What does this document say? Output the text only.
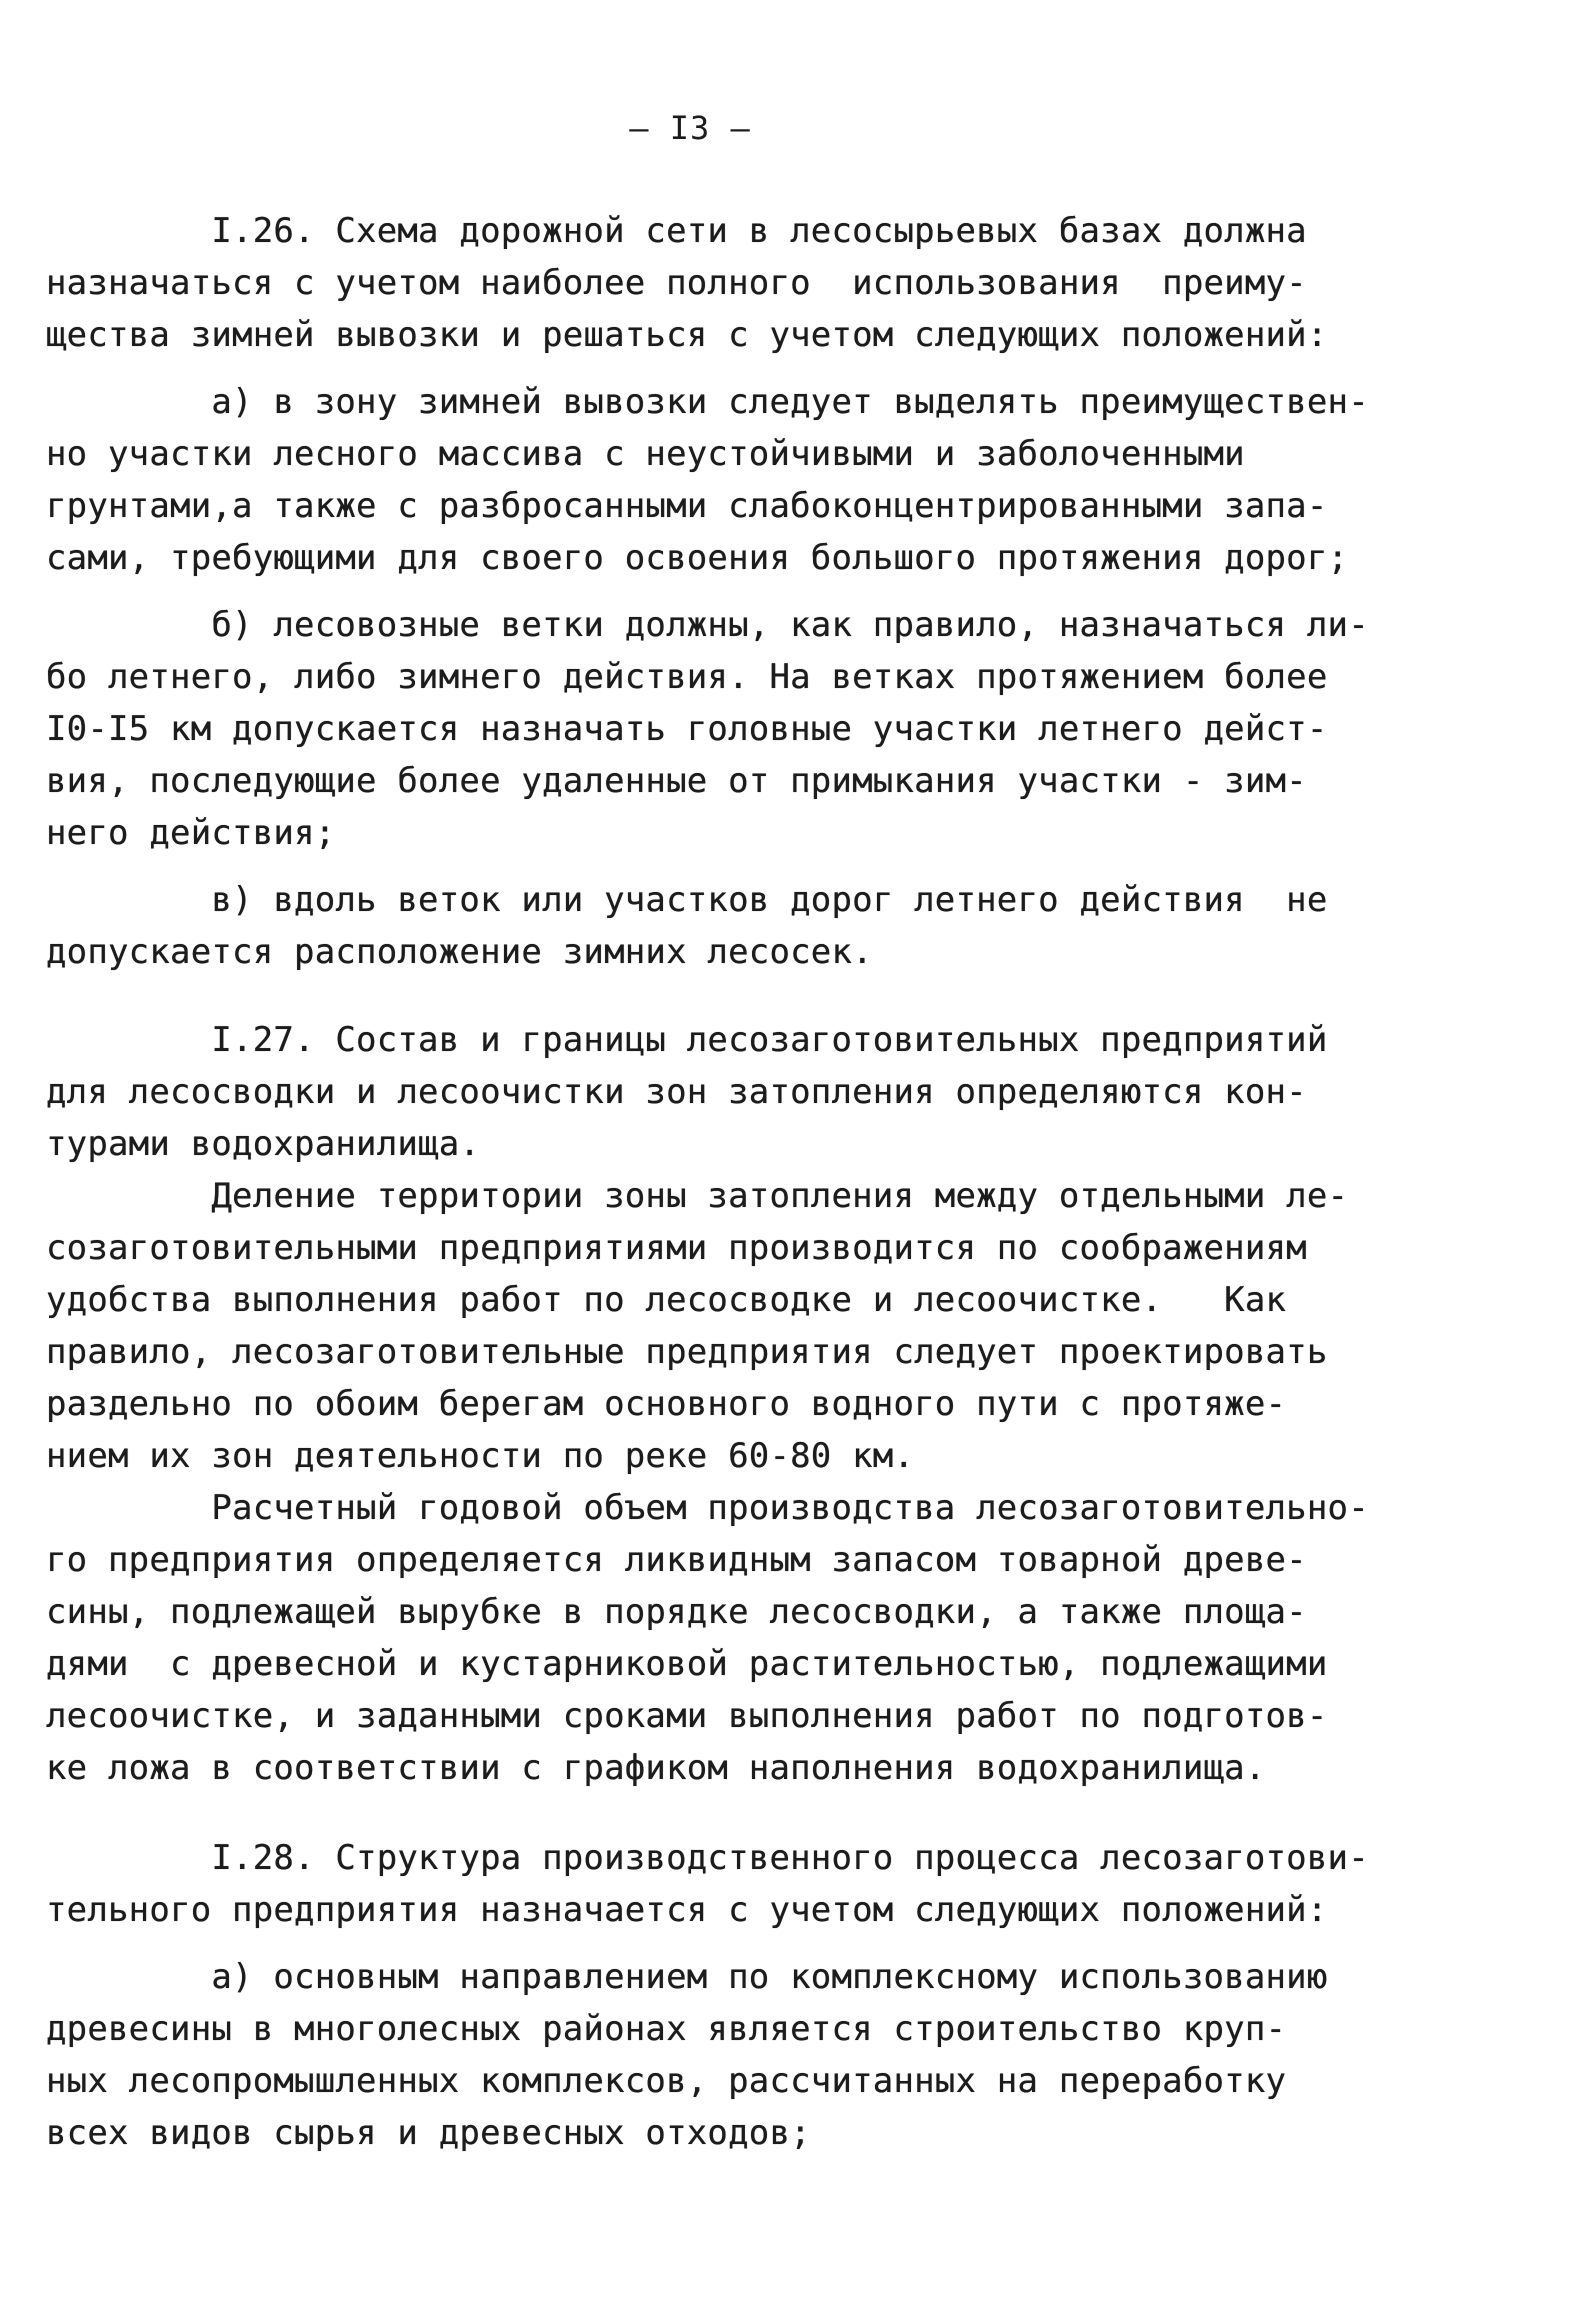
— I3 —
I.26. Схема дорожной сети в лесосырьевых базах должна
назначаться с учетом наиболее полного  использования  преиму-
щества зимней вывозки и решаться с учетом следующих положений:
а) в зону зимней вывозки следует выделять преимуществен-
но участки лесного массива с неустойчивыми и заболоченными
грунтами,а также с разбросанными слабоконцентрированными запа-
сами, требующими для своего освоения большого протяжения дорог;
б) лесовозные ветки должны, как правило, назначаться ли-
бо летнего, либо зимнего действия. На ветках протяжением более
I0-I5 км допускается назначать головные участки летнего дейст-
вия, последующие более удаленные от примыкания участки - зим-
него действия;
в) вдоль веток или участков дорог летнего действия  не
допускается расположение зимних лесосек.
I.27. Состав и границы лесозаготовительных предприятий
для лесосводки и лесоочистки зон затопления определяются кон-
турами водохранилища.
Деление территории зоны затопления между отдельными ле-
созаготовительными предприятиями производится по соображениям
удобства выполнения работ по лесосводке и лесоочистке.   Как
правило, лесозаготовительные предприятия следует проектировать
раздельно по обоим берегам основного водного пути с протяже-
нием их зон деятельности по реке 60-80 км.
Расчетный годовой объем производства лесозаготовительно-
го предприятия определяется ликвидным запасом товарной древе-
сины, подлежащей вырубке в порядке лесосводки, а также площа-
дями  с древесной и кустарниковой растительностью, подлежащими
лесоочистке, и заданными сроками выполнения работ по подготов-
ке ложа в соответствии с графиком наполнения водохранилища.
I.28. Структура производственного процесса лесозаготови-
тельного предприятия назначается с учетом следующих положений:
а) основным направлением по комплексному использованию
древесины в многолесных районах является строительство круп-
ных лесопромышленных комплексов, рассчитанных на переработку
всех видов сырья и древесных отходов;
